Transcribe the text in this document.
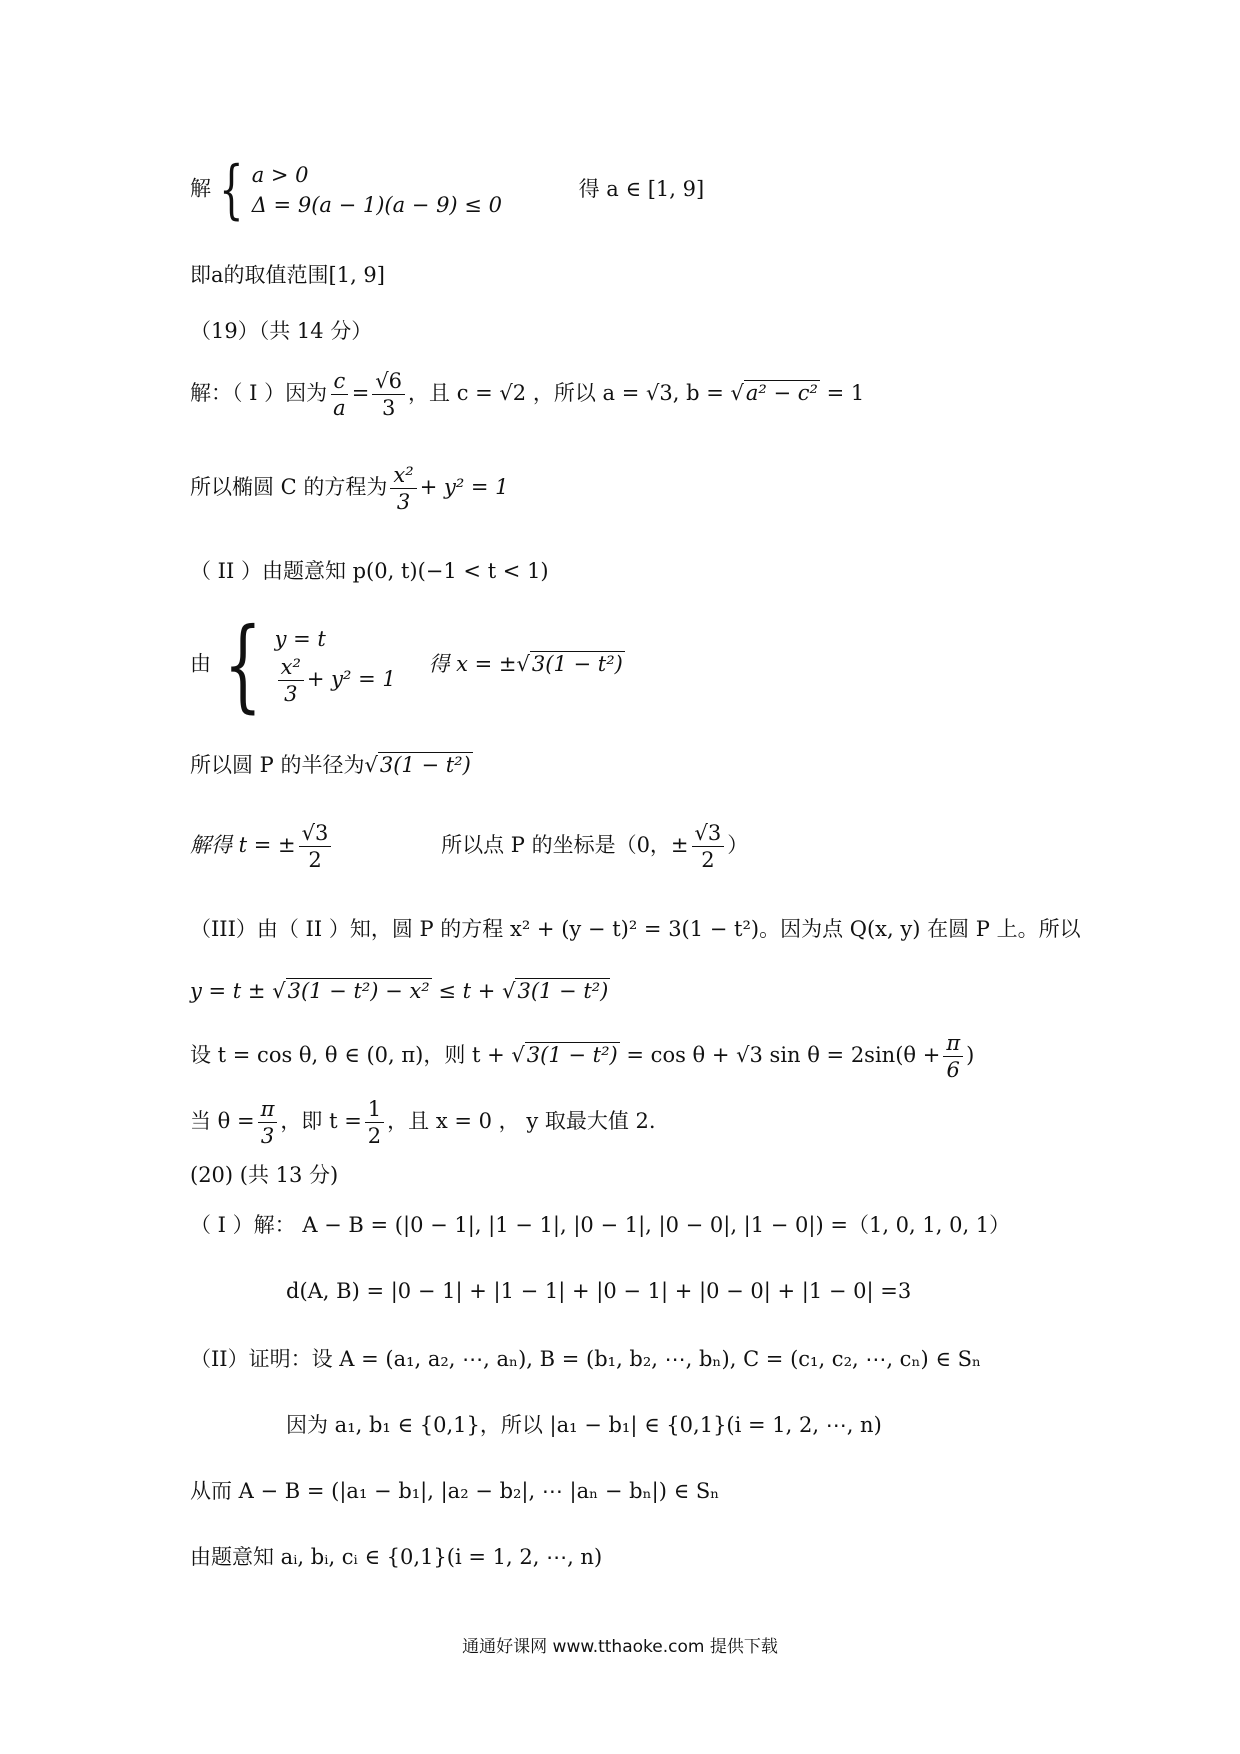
解 { a > 0
Δ = 9(a − 1)(a − 9) ≤ 0
得 a ∈ [1, 9]
即a的取值范围[1, 9]
（19）（共 14 分）
解：（ I ）因为 $\frac{c}{a} = \frac{√6}{3}$ ，且 c = √2 ，所以 a = √3, b = √a² − c² = 1
所以椭圆 C 的方程为 $\frac{\text{x²}}{3} + y^2 = 1$
（ II ）由题意知 p(0, t)(−1 < t < 1)
由 { y = t
$\frac{\text{x²}}{3} + y^2 = 1$
得 x = ±√3(1 − t²)
所以圆 P 的半径为√3(1 − t²)
解得 t = ± $\frac{√3}{2}$	所以点 P 的坐标是（0，± $\frac{√3}{2}$ ）
（III）由（ II ）知，圆 P 的方程 x² + (y − t)² = 3(1 − t²)。因为点 Q(x, y) 在圆 P 上。所以
y = t ± √3(1 − t²) − x² ≤ t + √3(1 − t²)
设 t = cos θ, θ ∈ (0, π)，则 t + √3(1 − t²) = cos θ + √3 $\sin \theta = 2\sin(\theta + \frac{\pi}{6}$ )
当 $\theta = \frac{\pi}{3}$ ，即 $t = \frac{1}{2}$ ，且 x = 0 ， y 取最大值 2.
(20) (共 13 分)
（ I ）解： A − B = (|0 − 1|, |1 − 1|, |0 − 1|, |0 − 0|, |1 − 0|) =（1, 0, 1, 0, 1）
d(A, B) = |0 − 1| + |1 − 1| + |0 − 1| + |0 − 0| + |1 − 0| =3
（II）证明：设 A = (a₁, a₂, ⋯, aₙ), B = (b₁, b₂, ⋯, bₙ), C = (c₁, c₂, ⋯, cₙ) ∈ Sₙ
因为 a₁, b₁ ∈ {0,1}，所以 |a₁ − b₁| ∈ {0,1}(i = 1, 2, ⋯, n)
从而 A − B = (|a₁ − b₁|, |a₂ − b₂|, ⋯ |aₙ − bₙ|) ∈ Sₙ
由题意知 aᵢ, bᵢ, cᵢ ∈ {0,1}(i = 1, 2, ⋯, n)
通通好课网 www.tthaoke.com 提供下载
